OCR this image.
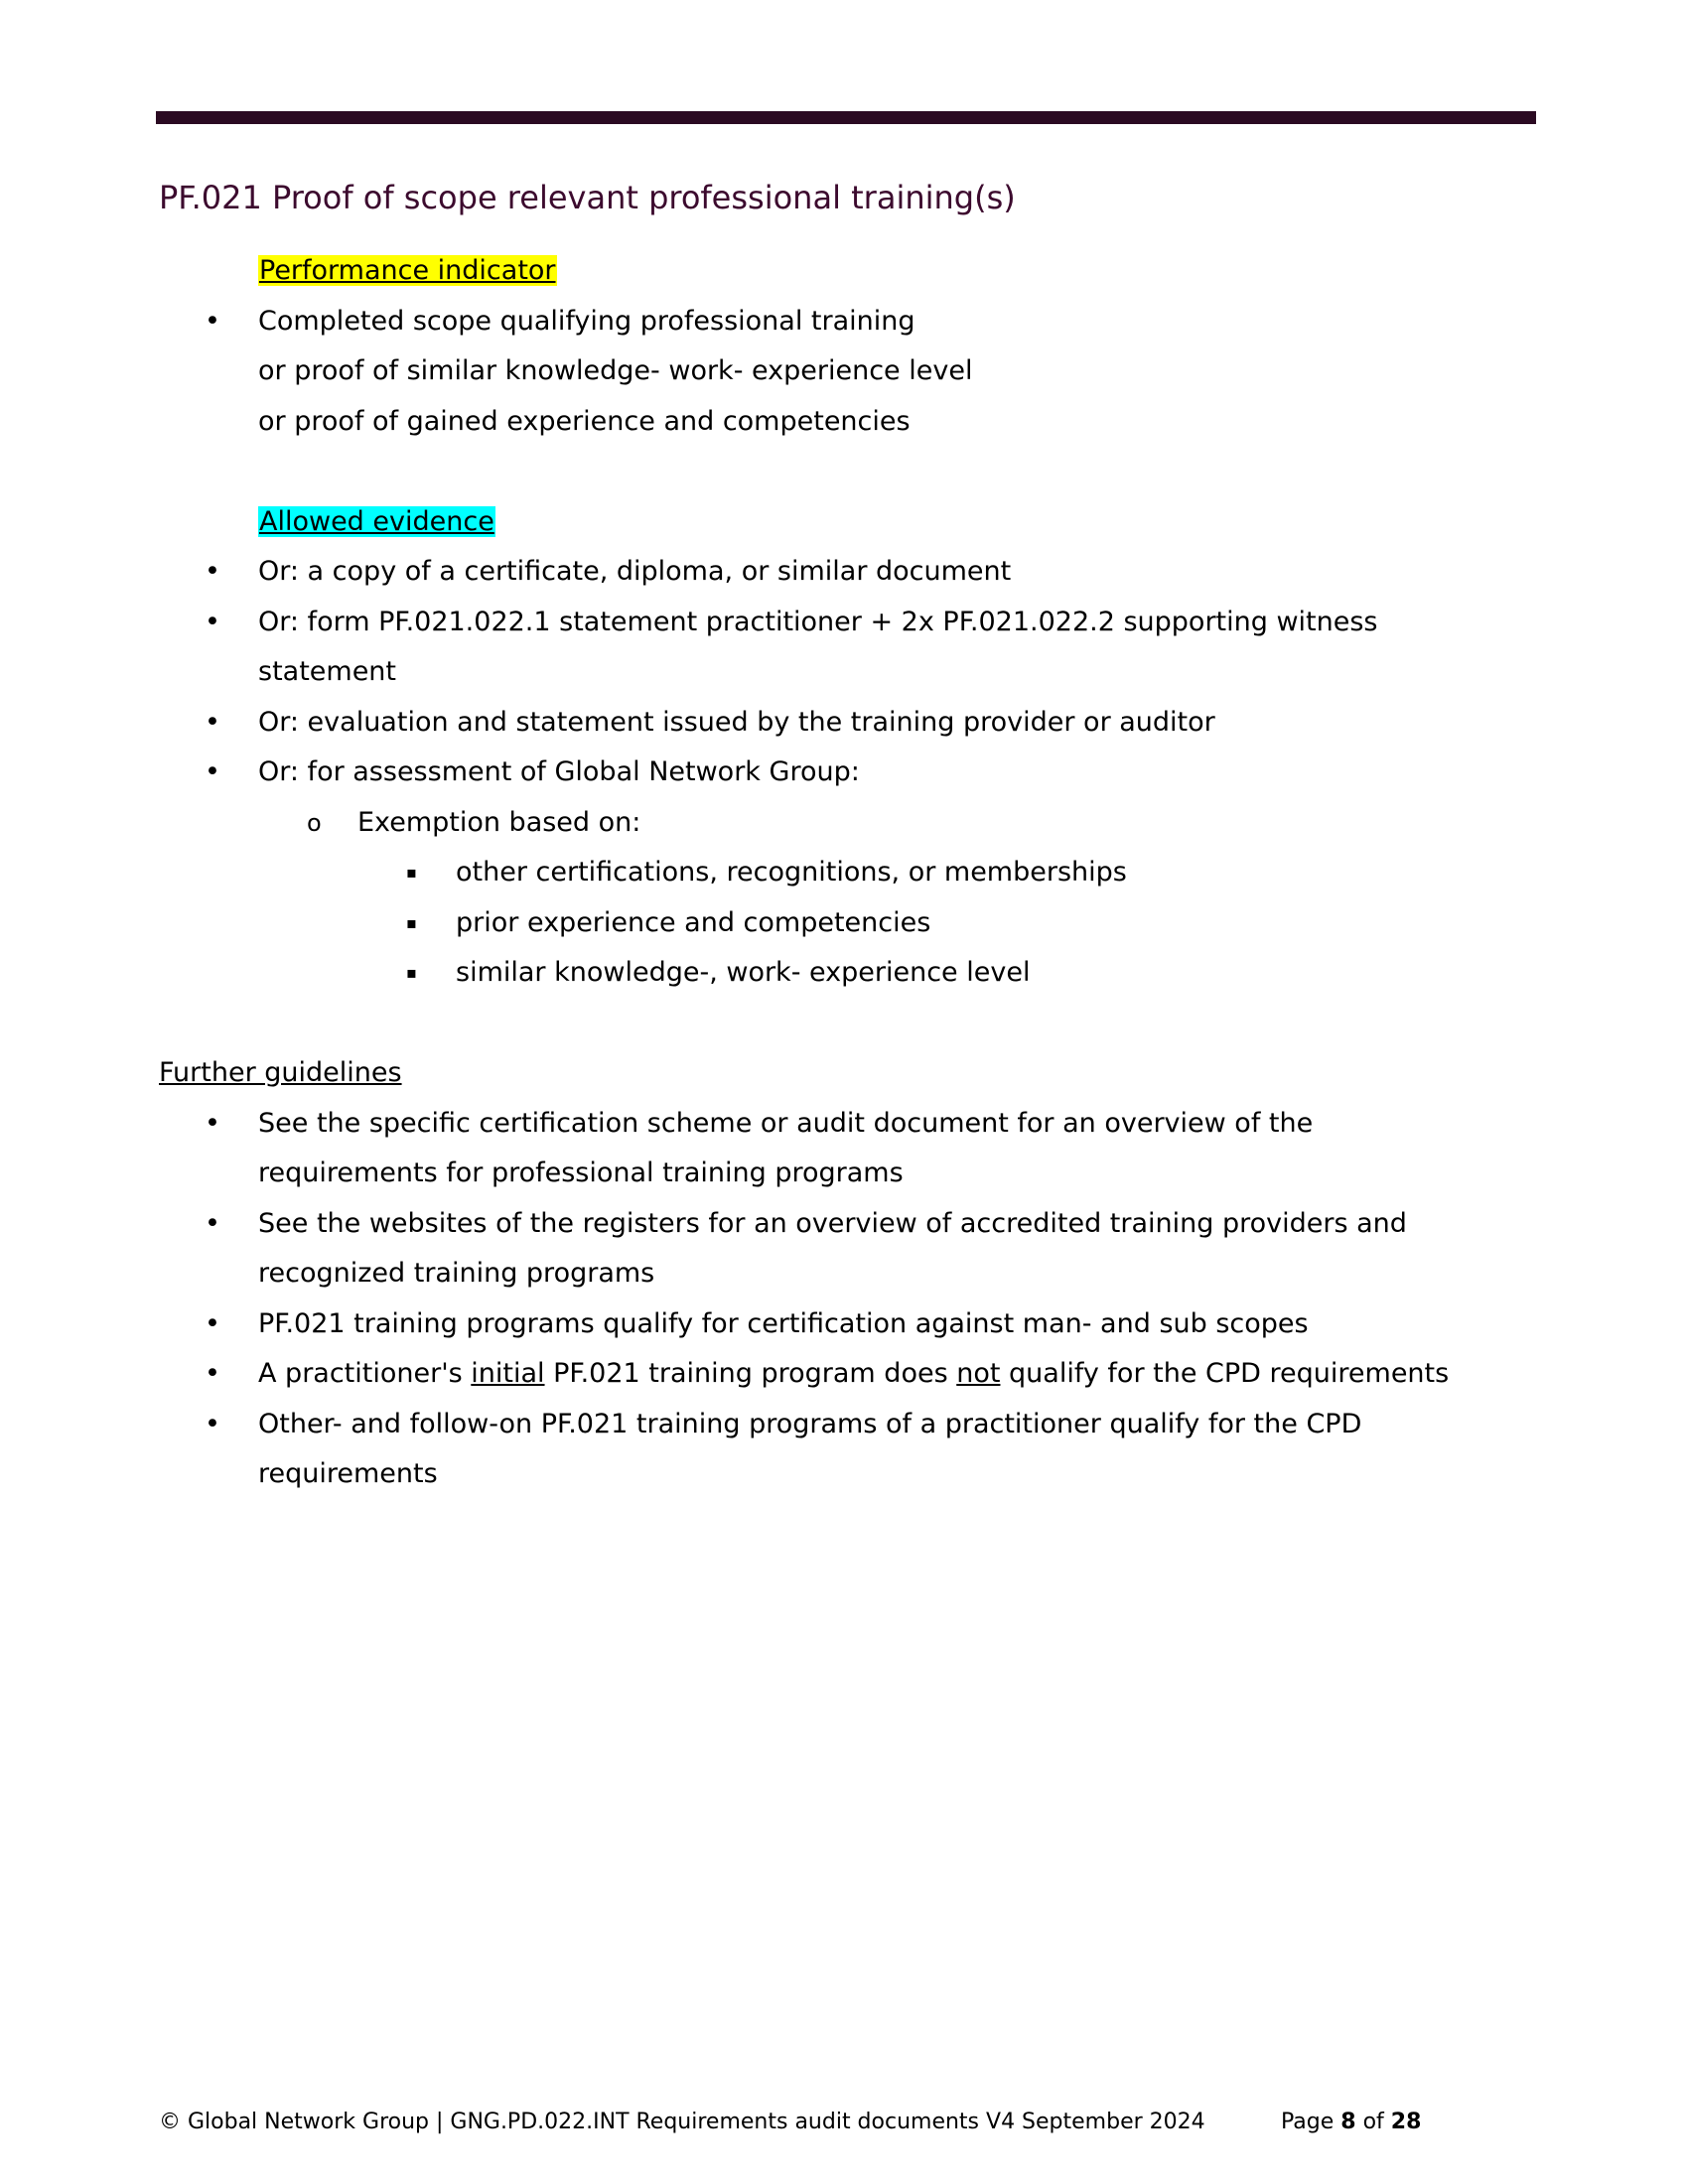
PF.021 Proof of scope relevant professional training(s)
Performance indicator
• Completed scope qualifying professional training
or proof of similar knowledge- work- experience level
or proof of gained experience and competencies
Allowed evidence
• Or: a copy of a certificate, diploma, or similar document
• Or: form PF.021.022.1 statement practitioner + 2x PF.021.022.2 supporting witness
statement
• Or: evaluation and statement issued by the training provider or auditor
• Or: for assessment of Global Network Group:
o Exemption based on:
▪ other certifications, recognitions, or memberships
▪ prior experience and competencies
▪ similar knowledge-, work- experience level
Further guidelines
• See the specific certification scheme or audit document for an overview of the
requirements for professional training programs
• See the websites of the registers for an overview of accredited training providers and
recognized training programs
• PF.021 training programs qualify for certification against man- and sub scopes
• A practitioner's initial PF.021 training program does not qualify for the CPD requirements
• Other- and follow-on PF.021 training programs of a practitioner qualify for the CPD
requirements
© Global Network Group | GNG.PD.022.INT Requirements audit documents V4 September 2024	Page 8 of 28
